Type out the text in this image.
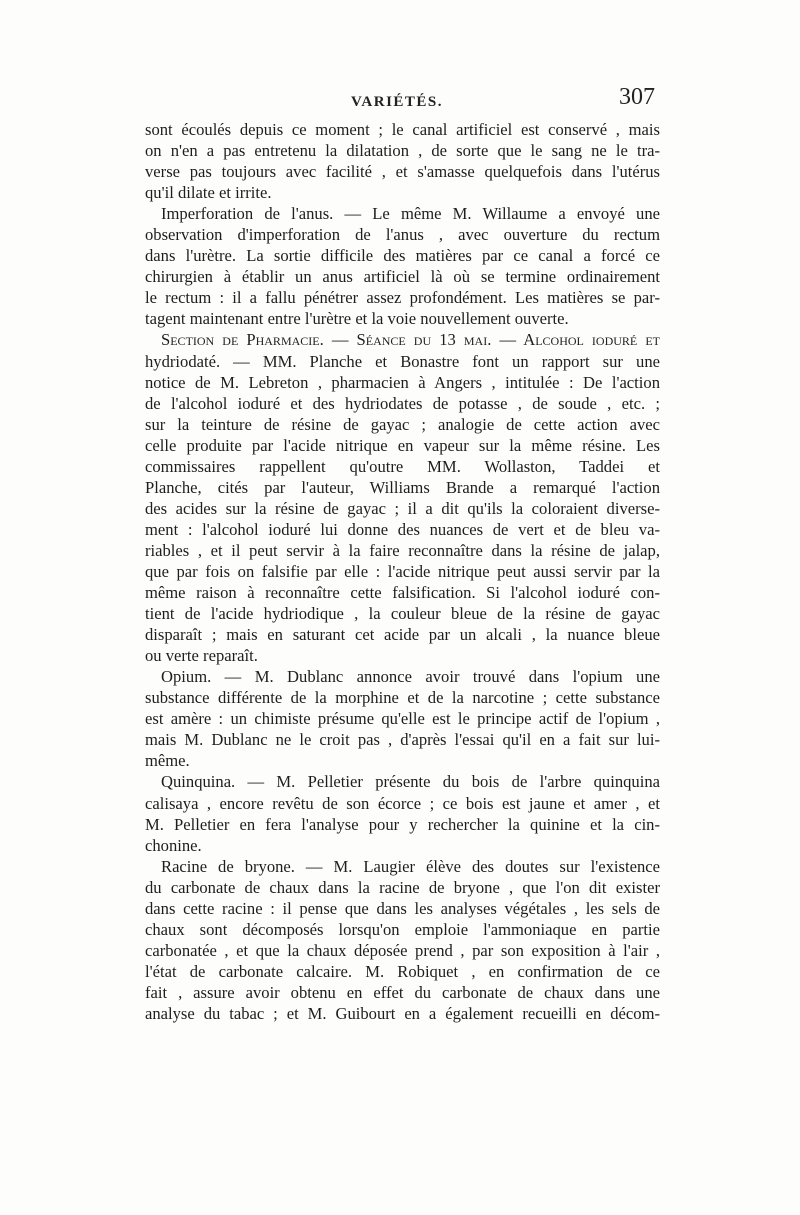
VARIÉTÉS.	307
sont écoulés depuis ce moment ; le canal artificiel est conservé , mais
on n'en a pas entretenu la dilatation , de sorte que le sang ne le tra-
verse pas toujours avec facilité , et s'amasse quelquefois dans l'utérus
qu'il dilate et irrite.
Imperforation de l'anus. — Le même M. Willaume a envoyé une
observation d'imperforation de l'anus , avec ouverture du rectum
dans l'urètre. La sortie difficile des matières par ce canal a forcé ce
chirurgien à établir un anus artificiel là où se termine ordinairement
le rectum : il a fallu pénétrer assez profondément. Les matières se par-
tagent maintenant entre l'urètre et la voie nouvellement ouverte.
Section de Pharmacie. — Séance du 13 mai. — Alcohol ioduré et
hydriodaté. — MM. Planche et Bonastre font un rapport sur une
notice de M. Lebreton , pharmacien à Angers , intitulée : De l'action
de l'alcohol ioduré et des hydriodates de potasse , de soude , etc. ;
sur la teinture de résine de gayac ; analogie de cette action avec
celle produite par l'acide nitrique en vapeur sur la même résine. Les
commissaires rappellent qu'outre MM. Wollaston, Taddei et
Planche, cités par l'auteur, Williams Brande a remarqué l'action
des acides sur la résine de gayac ; il a dit qu'ils la coloraient diverse-
ment : l'alcohol ioduré lui donne des nuances de vert et de bleu va-
riables , et il peut servir à la faire reconnaître dans la résine de jalap,
que par fois on falsifie par elle : l'acide nitrique peut aussi servir par la
même raison à reconnaître cette falsification. Si l'alcohol ioduré con-
tient de l'acide hydriodique , la couleur bleue de la résine de gayac
disparaît ; mais en saturant cet acide par un alcali , la nuance bleue
ou verte reparaît.
Opium. — M. Dublanc annonce avoir trouvé dans l'opium une
substance différente de la morphine et de la narcotine ; cette substance
est amère : un chimiste présume qu'elle est le principe actif de l'opium ,
mais M. Dublanc ne le croit pas , d'après l'essai qu'il en a fait sur lui-
même.
Quinquina. — M. Pelletier présente du bois de l'arbre quinquina
calisaya , encore revêtu de son écorce ; ce bois est jaune et amer , et
M. Pelletier en fera l'analyse pour y rechercher la quinine et la cin-
chonine.
Racine de bryone. — M. Laugier élève des doutes sur l'existence
du carbonate de chaux dans la racine de bryone , que l'on dit exister
dans cette racine : il pense que dans les analyses végétales , les sels de
chaux sont décomposés lorsqu'on emploie l'ammoniaque en partie
carbonatée , et que la chaux déposée prend , par son exposition à l'air ,
l'état de carbonate calcaire. M. Robiquet , en confirmation de ce
fait , assure avoir obtenu en effet du carbonate de chaux dans une
analyse du tabac ; et M. Guibourt en a également recueilli en décom-
